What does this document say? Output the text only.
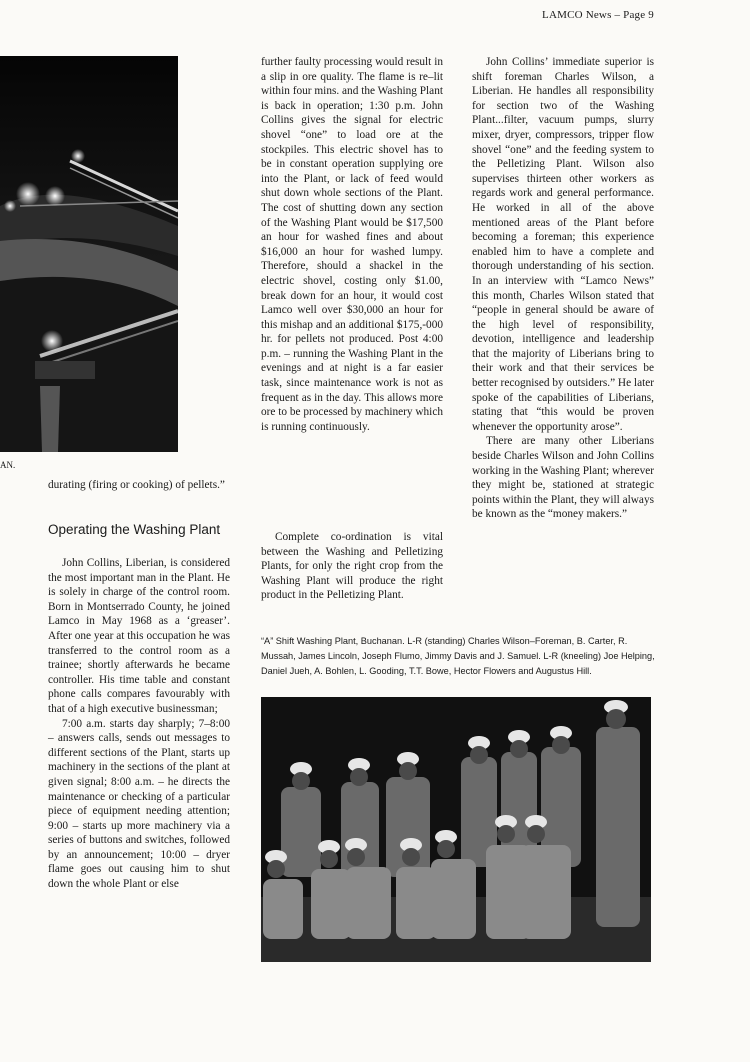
LAMCO News – Page 9
AN.

durating (firing or cooking) of pellets.”

Operating the Washing Plant

John Collins, Liberian, is considered the most important man in the Plant. He is solely in charge of the control room. Born in Montserrado County, he joined Lamco in May 1968 as a ‘greaser’. After one year at this occupation he was transferred to the control room as a trainee; shortly afterwards he became controller. His time table and constant phone calls compares favourably with that of a high executive businessman;

7:00 a.m. starts day sharply; 7–8:00 – answers calls, sends out messages to different sections of the Plant, starts up machinery in the sections of the plant at given signal; 8:00 a.m. – he directs the maintenance or checking of a particular piece of equipment needing attention; 9:00 – starts up more machinery via a series of buttons and switches, followed by an announcement; 10:00 – dryer flame goes out causing him to shut down the whole Plant or else

further faulty processing would result in a slip in ore quality. The flame is re–lit within four mins. and the Washing Plant is back in operation; 1:30 p.m. John Collins gives the signal for electric shovel “one” to load ore at the stockpiles. This electric shovel has to be in constant operation supplying ore into the Plant, or lack of feed would shut down whole sections of the Plant. The cost of shutting down any section of the Washing Plant would be $17,500 an hour for washed fines and about $16,000 an hour for washed lumpy. Therefore, should a shackel in the electric shovel, costing only $1.00, break down for an hour, it would cost Lamco well over $30,000 an hour for this mishap and an additional $175,-000 hr. for pellets not produced. Post 4:00 p.m. – running the Washing Plant in the evenings and at night is a far easier task, since maintenance work is not as frequent as in the day. This allows more ore to be processed by machinery which is running continuously.

Complete co-ordination is vital between the Washing and Pelletizing Plants, for only the right crop from the Washing Plant will produce the right product in the Pelletizing Plant.

John Collins’ immediate superior is shift foreman Charles Wilson, a Liberian. He handles all responsibility for section two of the Washing Plant...filter, vacuum pumps, slurry mixer, dryer, compressors, tripper flow shovel “one” and the feeding system to the Pelletizing Plant. Wilson also supervises thirteen other workers as regards work and general performance. He worked in all of the above mentioned areas of the Plant before becoming a foreman; this experience enabled him to have a complete and thorough understanding of his section. In an interview with “Lamco News” this month, Charles Wilson stated that “people in general should be aware of the high level of responsibility, devotion, intelligence and leadership that the majority of Liberians bring to their work and that their services be better recognised by outsiders.” He later spoke of the capabilities of Liberians, stating that “this would be proven whenever the opportunity arose”.

There are many other Liberians beside Charles Wilson and John Collins working in the Washing Plant; wherever they might be, stationed at strategic points within the Plant, they will always be known as the “money makers.”

“A” Shift Washing Plant, Buchanan. L-R (standing) Charles Wilson–Foreman, B. Carter, R. Mussah, James Lincoln, Joseph Flumo, Jimmy Davis and J. Samuel. L-R (kneeling) Joe Helping, Daniel Jueh, A. Bohlen, L. Gooding, T.T. Bowe, Hector Flowers and Augustus Hill.
